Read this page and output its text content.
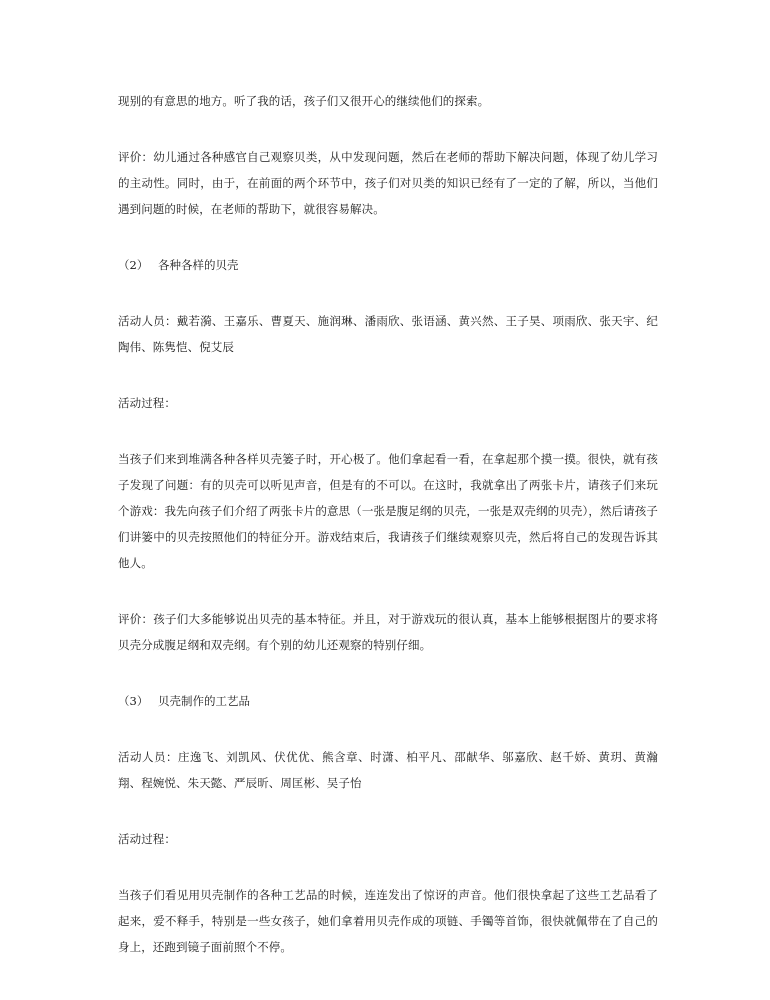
现别的有意思的地方。听了我的话，孩子们又很开心的继续他们的探索。

评价：幼儿通过各种感官自己观察贝类，从中发现问题，然后在老师的帮助下解决问题，体现了幼儿学习的主动性。同时，由于，在前面的两个环节中，孩子们对贝类的知识已经有了一定的了解，所以，当他们遇到问题的时候，在老师的帮助下，就很容易解决。

（2） 各种各样的贝壳

活动人员：戴若漪、王嘉乐、曹夏天、施润琳、潘雨欣、张语涵、黄兴然、王子昊、项雨欣、张天宇、纪陶伟、陈隽恺、倪艾辰

活动过程：

当孩子们来到堆满各种各样贝壳篓子时，开心极了。他们拿起看一看，在拿起那个摸一摸。很快，就有孩子发现了问题：有的贝壳可以听见声音，但是有的不可以。在这时，我就拿出了两张卡片，请孩子们来玩个游戏：我先向孩子们介绍了两张卡片的意思（一张是腹足纲的贝壳，一张是双壳纲的贝壳），然后请孩子们讲篓中的贝壳按照他们的特征分开。游戏结束后，我请孩子们继续观察贝壳，然后将自己的发现告诉其他人。

评价：孩子们大多能够说出贝壳的基本特征。并且，对于游戏玩的很认真，基本上能够根据图片的要求将贝壳分成腹足纲和双壳纲。有个别的幼儿还观察的特别仔细。

（3） 贝壳制作的工艺品

活动人员：庄逸飞、刘凯风、伏优优、熊含章、时潇、柏平凡、邵献华、邬嘉欣、赵千娇、黄玥、黄瀚翔、程婉悦、朱天懿、严辰昕、周匡彬、吴子怡

活动过程：

当孩子们看见用贝壳制作的各种工艺品的时候，连连发出了惊讶的声音。他们很快拿起了这些工艺品看了起来，爱不释手，特别是一些女孩子，她们拿着用贝壳作成的项链、手镯等首饰，很快就佩带在了自己的身上，还跑到镜子面前照个不停。
